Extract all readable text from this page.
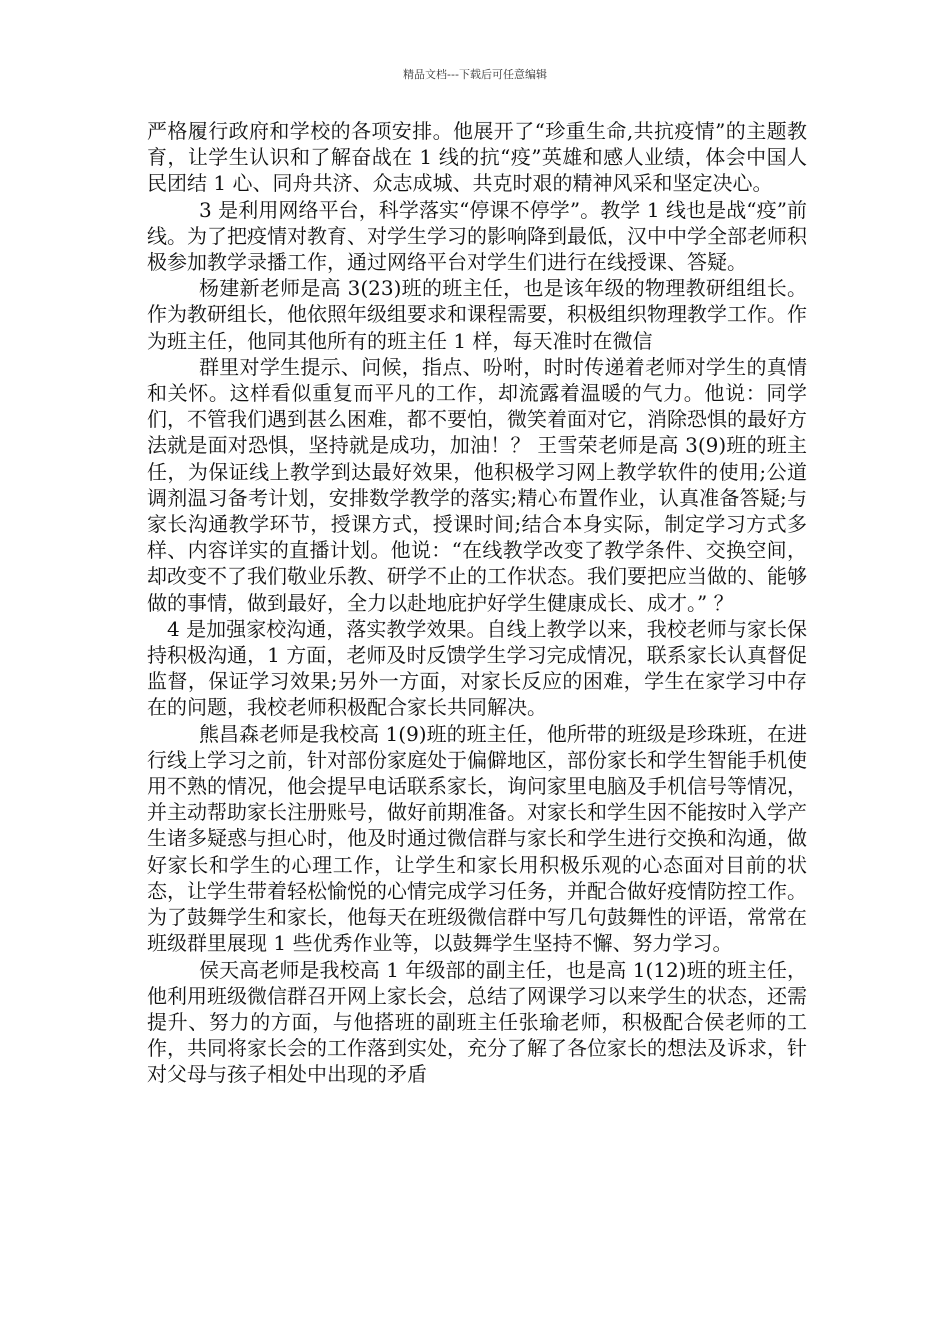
精品文档---下载后可任意编辑

严格履行政府和学校的各项安排。他展开了“珍重生命,共抗疫情”的主题教育，让学生认识和了解奋战在 1 线的抗“疫”英雄和感人业绩，体会中国人民团结 1 心、同舟共济、众志成城、共克时艰的精神风采和坚定决心。

3 是利用网络平台，科学落实“停课不停学”。教学 1 线也是战“疫”前线。为了把疫情对教育、对学生学习的影响降到最低，汉中中学全部老师积极参加教学录播工作，通过网络平台对学生们进行在线授课、答疑。

杨建新老师是高 3(23)班的班主任，也是该年级的物理教研组组长。作为教研组长，他依照年级组要求和课程需要，积极组织物理教学工作。作为班主任，他同其他所有的班主任 1 样，每天准时在微信

群里对学生提示、问候，指点、吩咐，时时传递着老师对学生的真情和关怀。这样看似重复而平凡的工作，却流露着温暖的气力。他说：同学们，不管我们遇到甚么困难，都不要怕，微笑着面对它，消除恐惧的最好方法就是面对恐惧，坚持就是成功，加油！？ 王雪荣老师是高 3(9)班的班主任，为保证线上教学到达最好效果，他积极学习网上教学软件的使用;公道调剂温习备考计划，安排数学教学的落实;精心布置作业，认真准备答疑;与家长沟通教学环节，授课方式，授课时间;结合本身实际，制定学习方式多样、内容详实的直播计划。他说：“在线教学改变了教学条件、交换空间，却改变不了我们敬业乐教、研学不止的工作状态。我们要把应当做的、能够做的事情，做到最好，全力以赴地庇护好学生健康成长、成才。” ？

4 是加强家校沟通，落实教学效果。自线上教学以来，我校老师与家长保持积极沟通，1 方面，老师及时反馈学生学习完成情况，联系家长认真督促监督，保证学习效果;另外一方面，对家长反应的困难，学生在家学习中存在的问题，我校老师积极配合家长共同解决。

熊昌森老师是我校高 1(9)班的班主任，他所带的班级是珍珠班，在进行线上学习之前，针对部份家庭处于偏僻地区，部份家长和学生智能手机使用不熟的情况，他会提早电话联系家长，询问家里电脑及手机信号等情况，并主动帮助家长注册账号，做好前期准备。对家长和学生因不能按时入学产生诸多疑惑与担心时，他及时通过微信群与家长和学生进行交换和沟通，做好家长和学生的心理工作，让学生和家长用积极乐观的心态面对目前的状态，让学生带着轻松愉悦的心情完成学习任务，并配合做好疫情防控工作。为了鼓舞学生和家长，他每天在班级微信群中写几句鼓舞性的评语，常常在班级群里展现 1 些优秀作业等，以鼓舞学生坚持不懈、努力学习。

侯天高老师是我校高 1 年级部的副主任，也是高 1(12)班的班主任，他利用班级微信群召开网上家长会，总结了网课学习以来学生的状态，还需提升、努力的方面，与他搭班的副班主任张瑜老师，积极配合侯老师的工作，共同将家长会的工作落到实处，充分了解了各位家长的想法及诉求，针对父母与孩子相处中出现的矛盾
